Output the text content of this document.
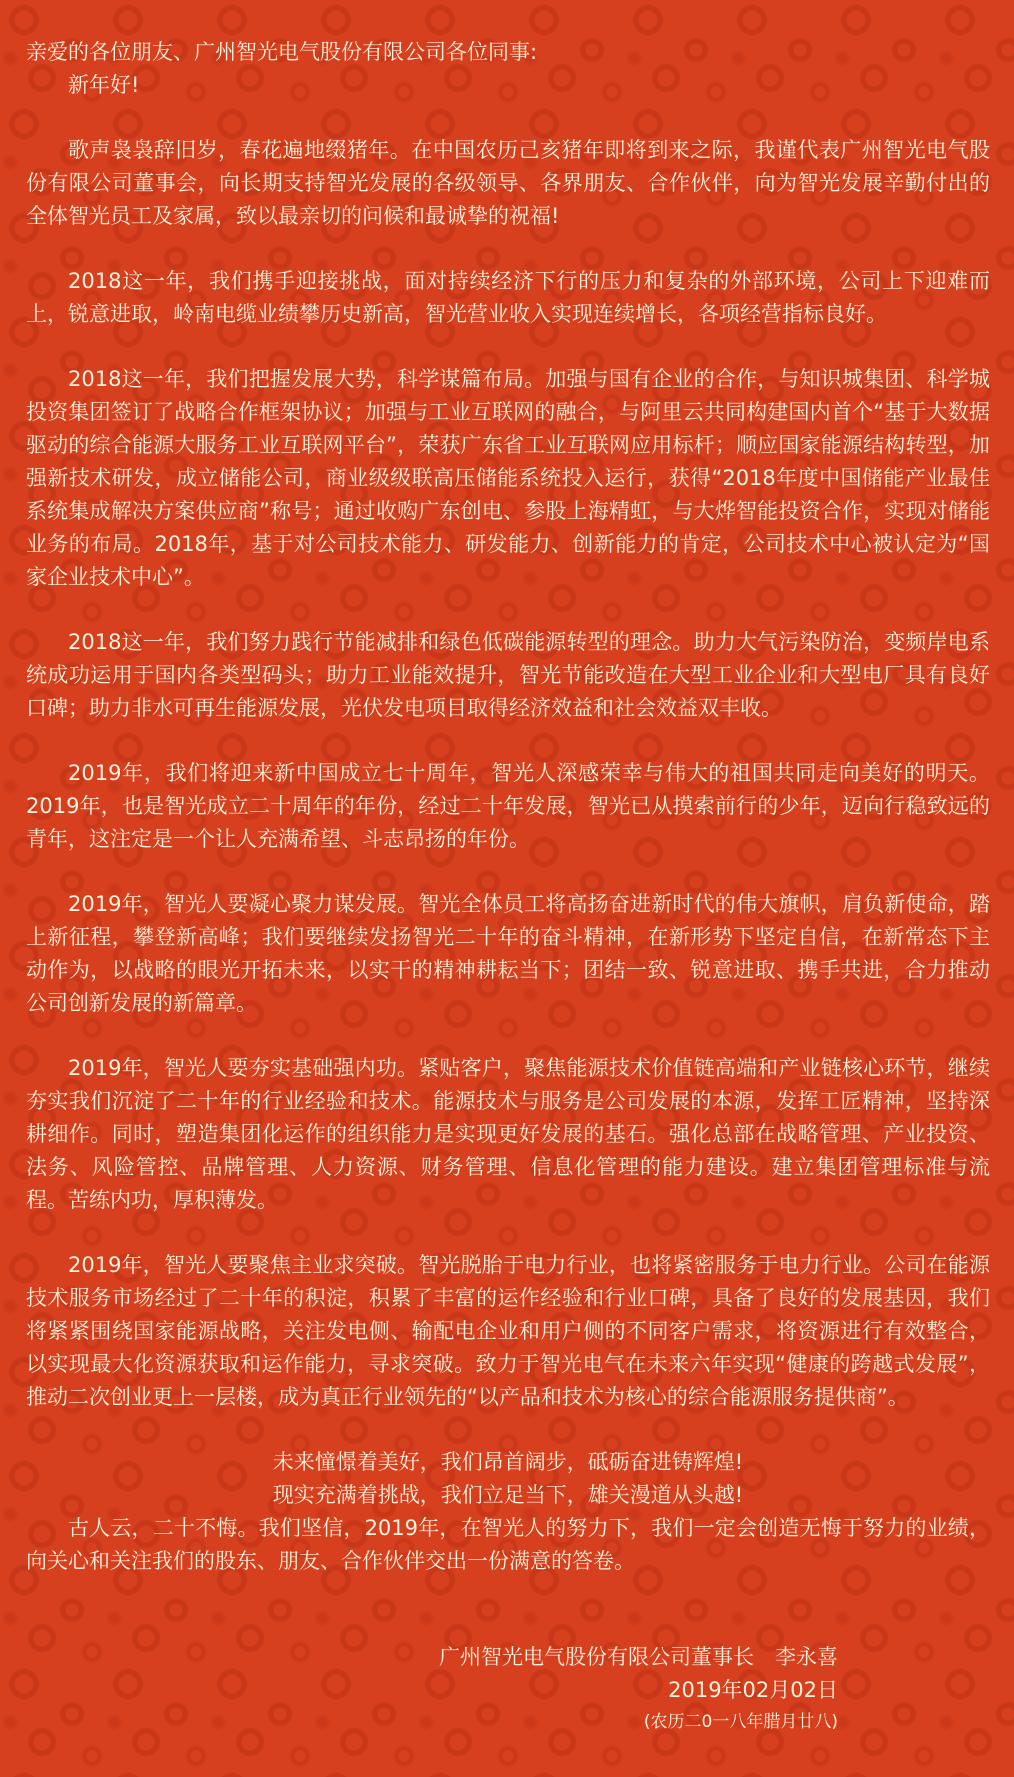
亲爱的各位朋友、广州智光电气股份有限公司各位同事:

新年好!

歌声袅袅辞旧岁，春花遍地缀猪年。在中国农历己亥猪年即将到来之际，我谨代表广州智光电气股份有限公司董事会，向长期支持智光发展的各级领导、各界朋友、合作伙伴，向为智光发展辛勤付出的全体智光员工及家属，致以最亲切的问候和最诚挚的祝福!

2018这一年，我们携手迎接挑战，面对持续经济下行的压力和复杂的外部环境，公司上下迎难而上，锐意进取，岭南电缆业绩攀历史新高，智光营业收入实现连续增长，各项经营指标良好。

2018这一年，我们把握发展大势，科学谋篇布局。加强与国有企业的合作，与知识城集团、科学城投资集团签订了战略合作框架协议；加强与工业互联网的融合，与阿里云共同构建国内首个“基于大数据驱动的综合能源大服务工业互联网平台”，荣获广东省工业互联网应用标杆；顺应国家能源结构转型，加强新技术研发，成立储能公司，商业级级联高压储能系统投入运行，获得“2018年度中国储能产业最佳系统集成解决方案供应商”称号；通过收购广东创电、参股上海精虹，与大烨智能投资合作，实现对储能业务的布局。2018年，基于对公司技术能力、研发能力、创新能力的肯定，公司技术中心被认定为“国家企业技术中心”。

2018这一年，我们努力践行节能减排和绿色低碳能源转型的理念。助力大气污染防治，变频岸电系统成功运用于国内各类型码头；助力工业能效提升，智光节能改造在大型工业企业和大型电厂具有良好口碑；助力非水可再生能源发展，光伏发电项目取得经济效益和社会效益双丰收。

2019年，我们将迎来新中国成立七十周年，智光人深感荣幸与伟大的祖国共同走向美好的明天。2019年，也是智光成立二十周年的年份，经过二十年发展，智光已从摸索前行的少年，迈向行稳致远的青年，这注定是一个让人充满希望、斗志昂扬的年份。

2019年，智光人要凝心聚力谋发展。智光全体员工将高扬奋进新时代的伟大旗帜，肩负新使命，踏上新征程，攀登新高峰；我们要继续发扬智光二十年的奋斗精神，在新形势下坚定自信，在新常态下主动作为，以战略的眼光开拓未来，以实干的精神耕耘当下；团结一致、锐意进取、携手共进，合力推动公司创新发展的新篇章。

2019年，智光人要夯实基础强内功。紧贴客户，聚焦能源技术价值链高端和产业链核心环节，继续夯实我们沉淀了二十年的行业经验和技术。能源技术与服务是公司发展的本源，发挥工匠精神，坚持深耕细作。同时，塑造集团化运作的组织能力是实现更好发展的基石。强化总部在战略管理、产业投资、法务、风险管控、品牌管理、人力资源、财务管理、信息化管理的能力建设。建立集团管理标准与流程。苦练内功，厚积薄发。

2019年，智光人要聚焦主业求突破。智光脱胎于电力行业，也将紧密服务于电力行业。公司在能源技术服务市场经过了二十年的积淀，积累了丰富的运作经验和行业口碑，具备了良好的发展基因，我们将紧紧围绕国家能源战略，关注发电侧、输配电企业和用户侧的不同客户需求，将资源进行有效整合，以实现最大化资源获取和运作能力，寻求突破。致力于智光电气在未来六年实现“健康的跨越式发展”，推动二次创业更上一层楼，成为真正行业领先的“以产品和技术为核心的综合能源服务提供商”。

未来憧憬着美好，我们昂首阔步，砥砺奋进铸辉煌!

现实充满着挑战，我们立足当下，雄关漫道从头越!

古人云，二十不悔。我们坚信，2019年，在智光人的努力下，我们一定会创造无悔于努力的业绩，向关心和关注我们的股东、朋友、合作伙伴交出一份满意的答卷。

广州智光电气股份有限公司董事长　李永喜

2019年02月02日

(农历二0一八年腊月廿八)
